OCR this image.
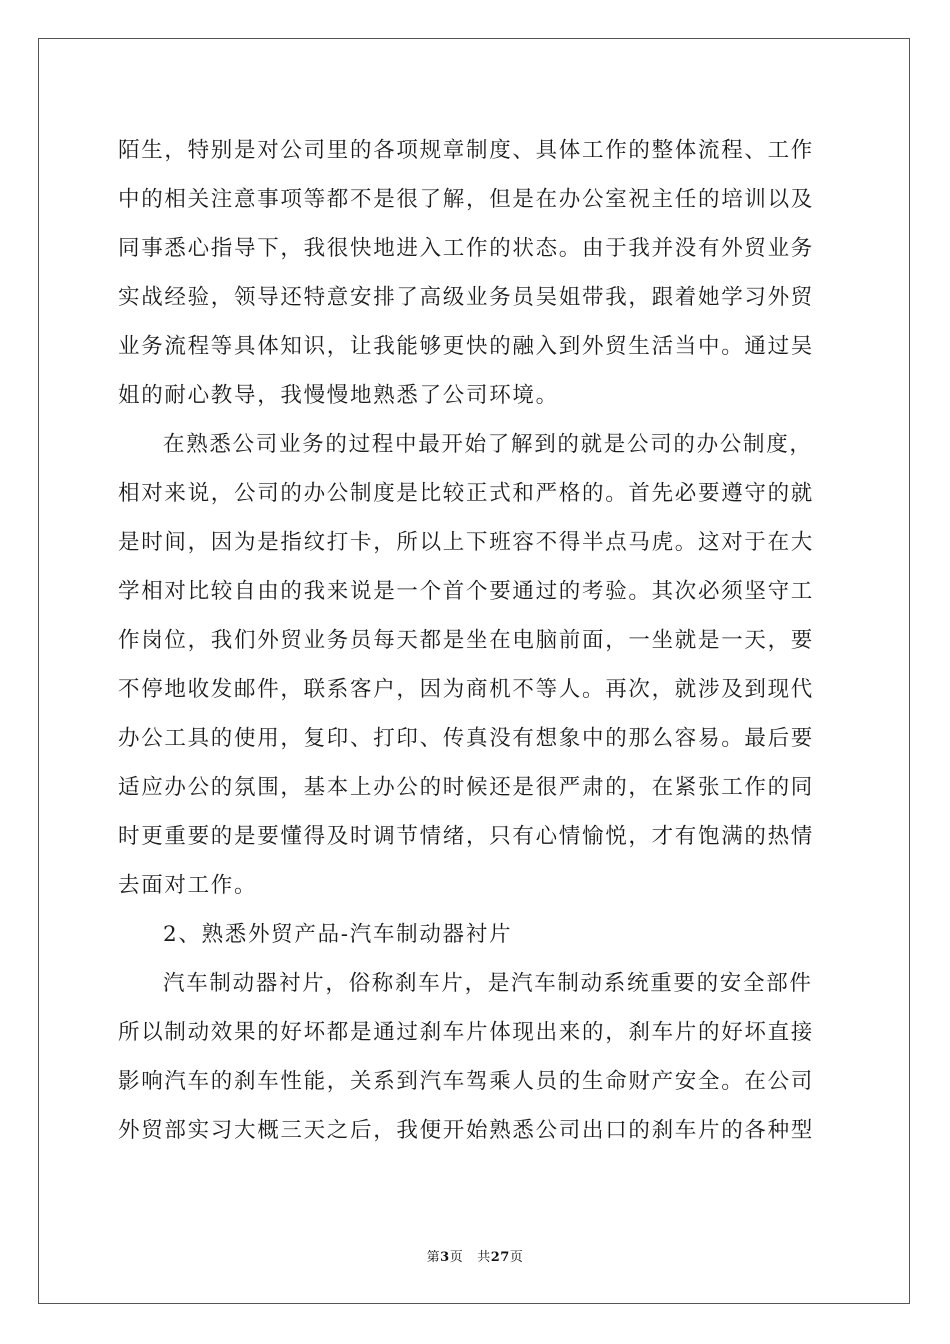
陌生，特别是对公司里的各项规章制度、具体工作的整体流程、工作
中的相关注意事项等都不是很了解，但是在办公室祝主任的培训以及
同事悉心指导下，我很快地进入工作的状态。由于我并没有外贸业务
实战经验，领导还特意安排了高级业务员吴姐带我，跟着她学习外贸
业务流程等具体知识，让我能够更快的融入到外贸生活当中。通过吴
姐的耐心教导，我慢慢地熟悉了公司环境。
在熟悉公司业务的过程中最开始了解到的就是公司的办公制度，
相对来说，公司的办公制度是比较正式和严格的。首先必要遵守的就
是时间，因为是指纹打卡，所以上下班容不得半点马虎。这对于在大
学相对比较自由的我来说是一个首个要通过的考验。其次必须坚守工
作岗位，我们外贸业务员每天都是坐在电脑前面，一坐就是一天，要
不停地收发邮件，联系客户，因为商机不等人。再次，就涉及到现代
办公工具的使用，复印、打印、传真没有想象中的那么容易。最后要
适应办公的氛围，基本上办公的时候还是很严肃的，在紧张工作的同
时更重要的是要懂得及时调节情绪，只有心情愉悦，才有饱满的热情
去面对工作。
2、熟悉外贸产品-汽车制动器衬片
汽车制动器衬片，俗称刹车片，是汽车制动系统重要的安全部件
所以制动效果的好坏都是通过刹车片体现出来的，刹车片的好坏直接
影响汽车的刹车性能，关系到汽车驾乘人员的生命财产安全。在公司
外贸部实习大概三天之后，我便开始熟悉公司出口的刹车片的各种型
第3页 共27页
